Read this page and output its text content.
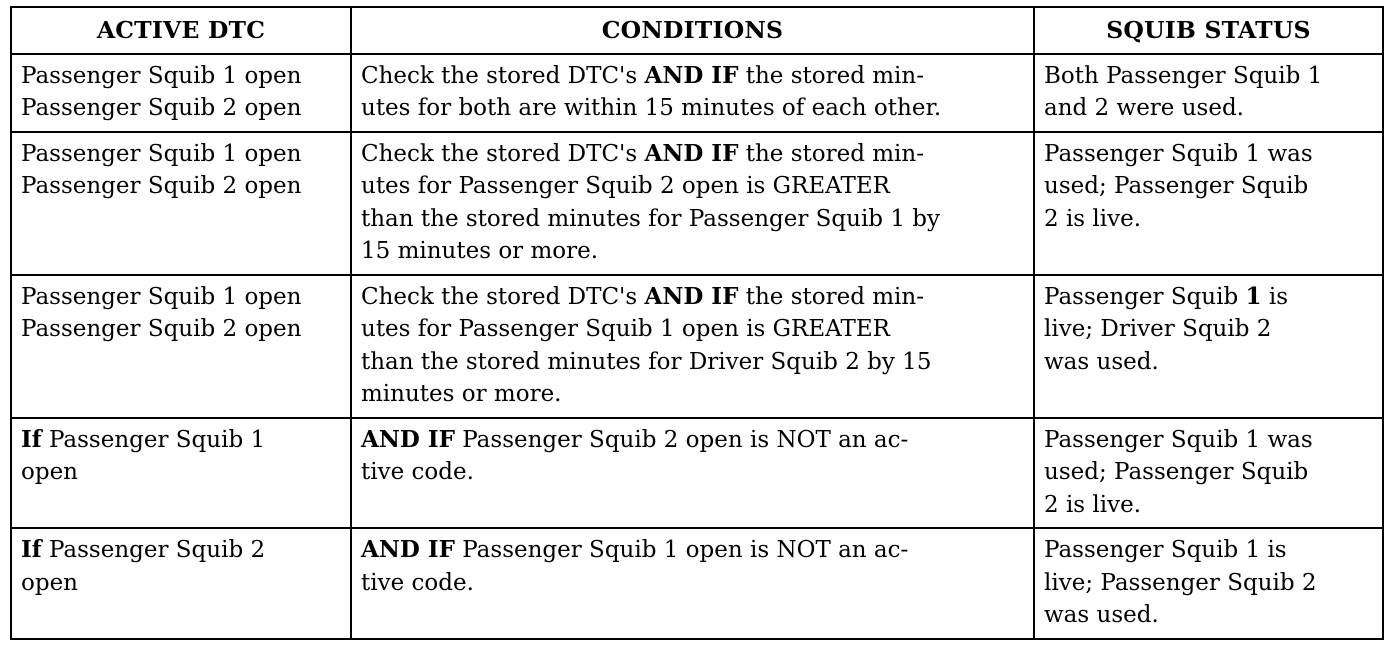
ACTIVE DTC	CONDITIONS	SQUIB STATUS

Passenger Squib 1 open
Passenger Squib 2 open	Check the stored DTC's AND IF the stored min-
utes for both are within 15 minutes of each other.	Both Passenger Squib 1
and 2 were used.

Passenger Squib 1 open
Passenger Squib 2 open	Check the stored DTC's AND IF the stored min-
utes for Passenger Squib 2 open is GREATER
than the stored minutes for Passenger Squib 1 by
15 minutes or more.	Passenger Squib 1 was
used; Passenger Squib
2 is live.

Passenger Squib 1 open
Passenger Squib 2 open	Check the stored DTC's AND IF the stored min-
utes for Passenger Squib 1 open is GREATER
than the stored minutes for Driver Squib 2 by 15
minutes or more.	Passenger Squib 1 is
live; Driver Squib 2
was used.

If Passenger Squib 1
open	AND IF Passenger Squib 2 open is NOT an ac-
tive code.	Passenger Squib 1 was
used; Passenger Squib
2 is live.

If Passenger Squib 2
open	AND IF Passenger Squib 1 open is NOT an ac-
tive code.	Passenger Squib 1 is
live; Passenger Squib 2
was used.
